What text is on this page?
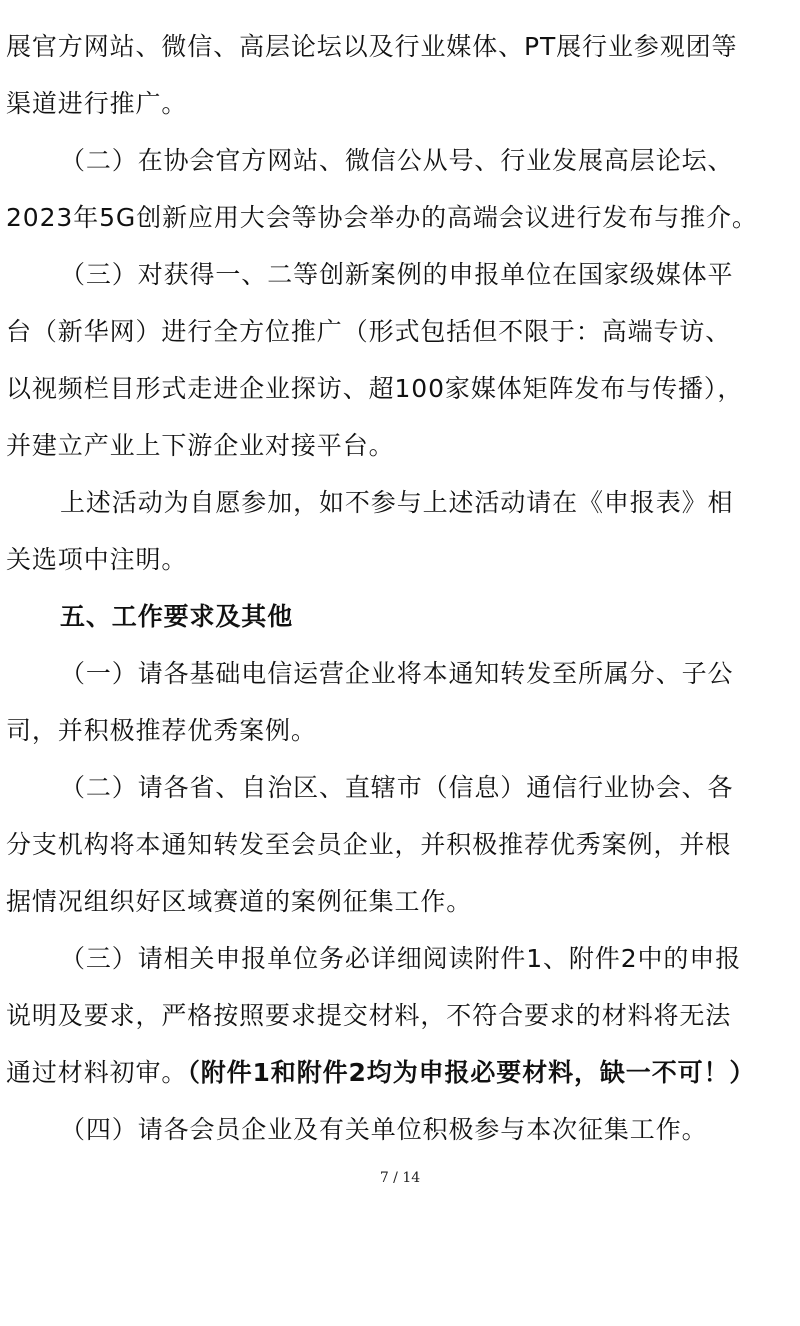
展官方网站、微信、高层论坛以及行业媒体、PT展行业参观团等

渠道进行推广。

（二）在协会官方网站、微信公从号、行业发展高层论坛、

2023年5G创新应用大会等协会举办的高端会议进行发布与推介。

（三）对获得一、二等创新案例的申报单位在国家级媒体平

台（新华网）进行全方位推广（形式包括但不限于：高端专访、

以视频栏目形式走进企业探访、超100家媒体矩阵发布与传播），

并建立产业上下游企业对接平台。

上述活动为自愿参加，如不参与上述活动请在《申报表》相

关选项中注明。

五、工作要求及其他

（一）请各基础电信运营企业将本通知转发至所属分、子公

司，并积极推荐优秀案例。

（二）请各省、自治区、直辖市（信息）通信行业协会、各

分支机构将本通知转发至会员企业，并积极推荐优秀案例，并根

据情况组织好区域赛道的案例征集工作。

（三）请相关申报单位务必详细阅读附件1、附件2中的申报

说明及要求，严格按照要求提交材料，不符合要求的材料将无法

通过材料初审。（附件1和附件2均为申报必要材料，缺一不可！）

（四）请各会员企业及有关单位积极参与本次征集工作。

7 / 14
